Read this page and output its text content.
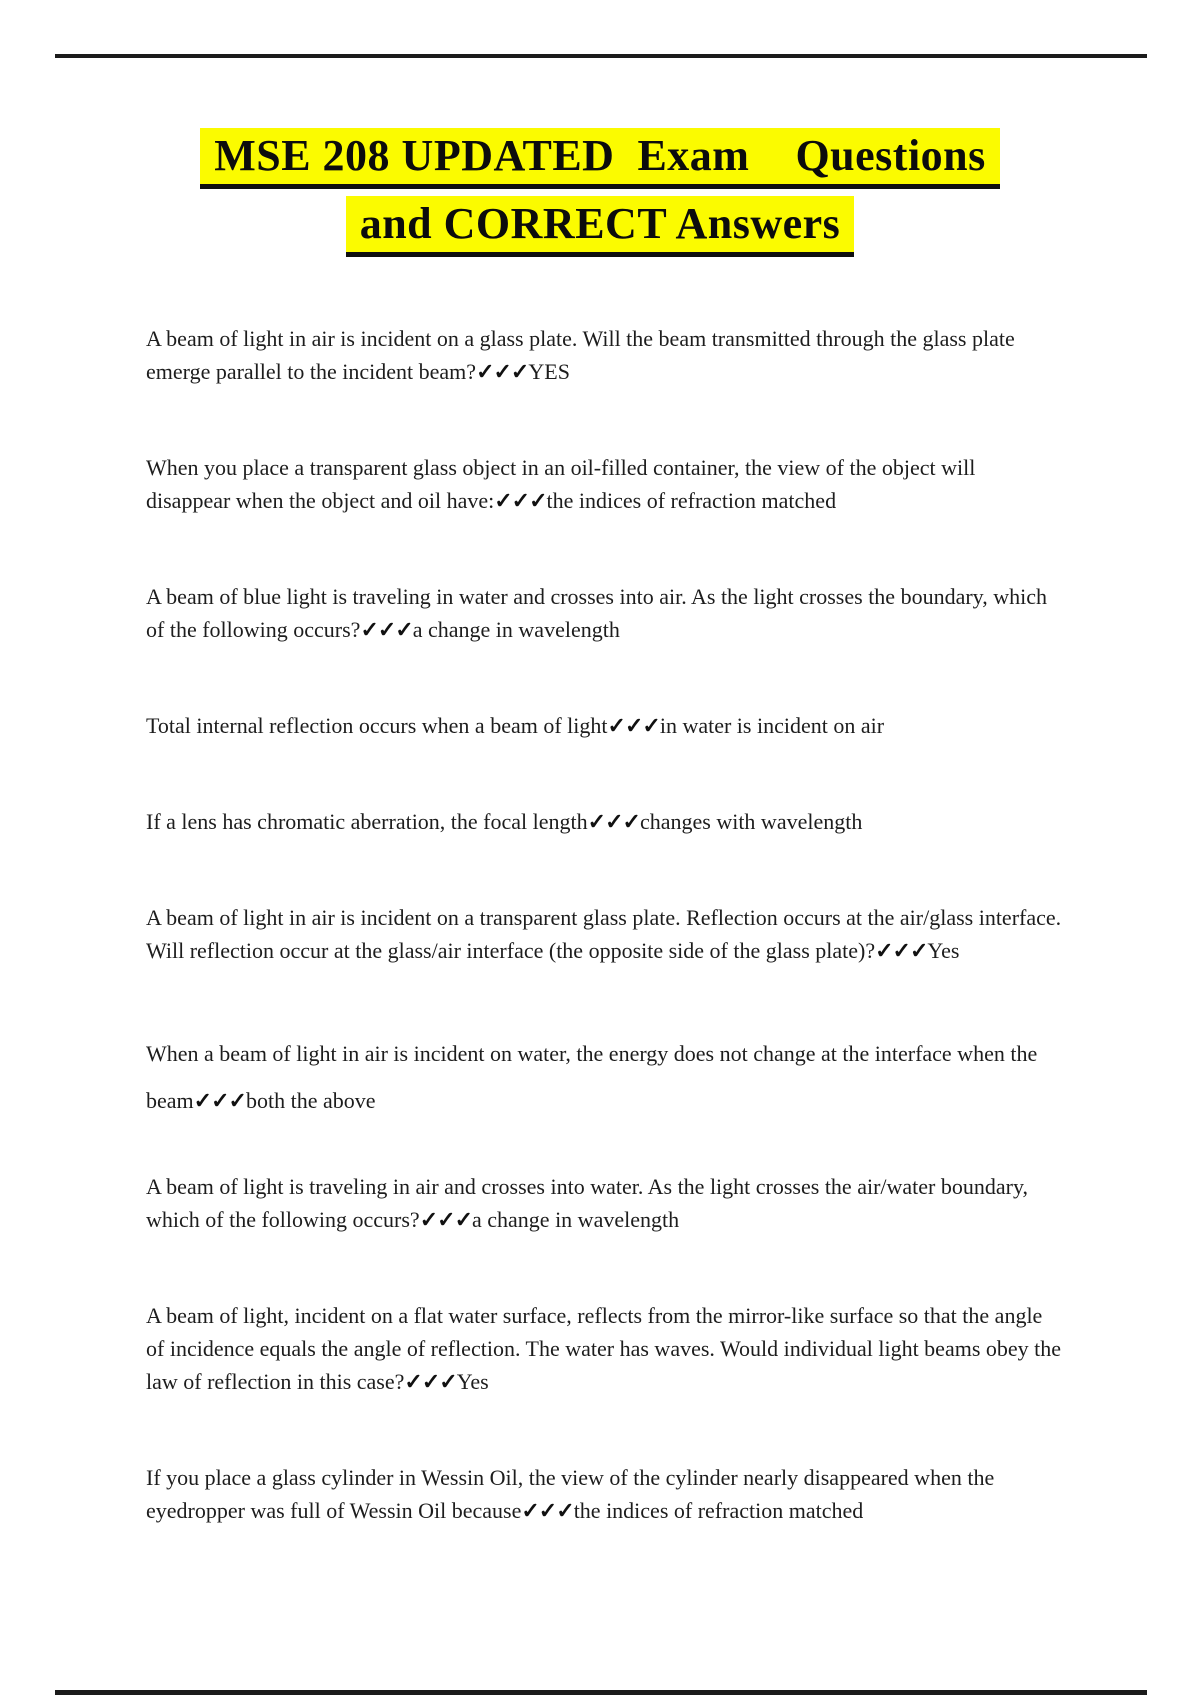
MSE 208 UPDATED  Exam    Questions
and CORRECT Answers

A beam of light in air is incident on a glass plate. Will the beam transmitted through the glass plate emerge parallel to the incident beam?✓✓✓YES

When you place a transparent glass object in an oil-filled container, the view of the object will disappear when the object and oil have:✓✓✓the indices of refraction matched

A beam of blue light is traveling in water and crosses into air. As the light crosses the boundary, which of the following occurs?✓✓✓a change in wavelength

Total internal reflection occurs when a beam of light✓✓✓in water is incident on air

If a lens has chromatic aberration, the focal length✓✓✓changes with wavelength

A beam of light in air is incident on a transparent glass plate. Reflection occurs at the air/glass interface. Will reflection occur at the glass/air interface (the opposite side of the glass plate)?✓✓✓Yes

When a beam of light in air is incident on water, the energy does not change at the interface when the beam✓✓✓both the above

A beam of light is traveling in air and crosses into water. As the light crosses the air/water boundary, which of the following occurs?✓✓✓a change in wavelength

A beam of light, incident on a flat water surface, reflects from the mirror-like surface so that the angle of incidence equals the angle of reflection. The water has waves. Would individual light beams obey the law of reflection in this case?✓✓✓Yes

If you place a glass cylinder in Wessin Oil, the view of the cylinder nearly disappeared when the eyedropper was full of Wessin Oil because✓✓✓the indices of refraction matched
